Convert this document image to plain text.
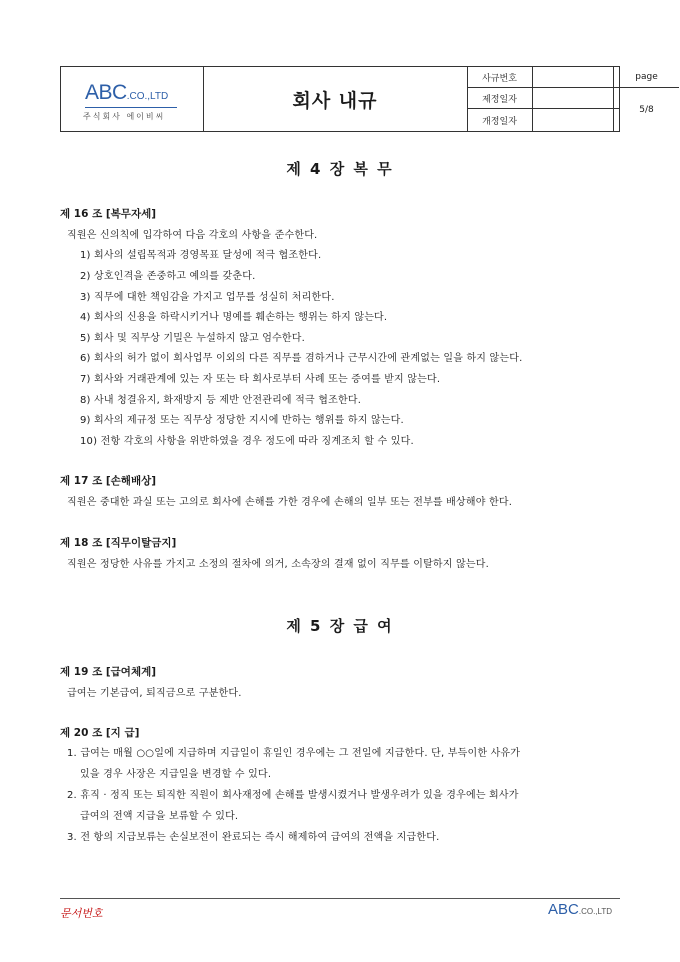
ABC.CO.,LTD
주식회사 에이비씨
회사 내규
사규번호
제정일자
개정일자
page
5/8
제 4 장 복 무
제 16 조 [복무자세]
직원은 신의칙에 입각하여 다음 각호의 사항을 준수한다.
1) 회사의 설립목적과 경영목표 달성에 적극 협조한다.
2) 상호인격을 존중하고 예의를 갖춘다.
3) 직무에 대한 책임감을 가지고 업무를 성실히 처리한다.
4) 회사의 신용을 하락시키거나 명예를 훼손하는 행위는 하지 않는다.
5) 회사 및 직무상 기밀은 누설하지 않고 엄수한다.
6) 회사의 허가 없이 회사업무 이외의 다른 직무를 겸하거나 근무시간에 관계없는 일을 하지 않는다.
7) 회사와 거래관계에 있는 자 또는 타 회사로부터 사례 또는 증여를 받지 않는다.
8) 사내 청결유지, 화재방지 등 제반 안전관리에 적극 협조한다.
9) 회사의 제규정 또는 직무상 정당한 지시에 반하는 행위를 하지 않는다.
10) 전항 각호의 사항을 위반하였을 경우 정도에 따라 징계조치 할 수 있다.
제 17 조 [손해배상]
직원은 중대한 과실 또는 고의로 회사에 손해를 가한 경우에 손해의 일부 또는 전부를 배상해야 한다.
제 18 조 [직무이탈금지]
직원은 정당한 사유를 가지고 소정의 절차에 의거, 소속장의 결재 없이 직무를 이탈하지 않는다.
제 5 장 급 여
제 19 조 [급여체계]
급여는 기본급여, 퇴직금으로 구분한다.
제 20 조 [지 급]
1. 급여는 매월 ○○일에 지급하며 지급일이 휴일인 경우에는 그 전일에 지급한다. 단, 부득이한 사유가
있을 경우 사장은 지급일을 변경할 수 있다.
2. 휴직 · 정직 또는 퇴직한 직원이 회사재정에 손해를 발생시켰거나 발생우려가 있을 경우에는 회사가
급여의 전액 지급을 보류할 수 있다.
3. 전 항의 지급보류는 손실보전이 완료되는 즉시 해제하여 급여의 전액을 지급한다.
문서번호	ABC.CO.,LTD
